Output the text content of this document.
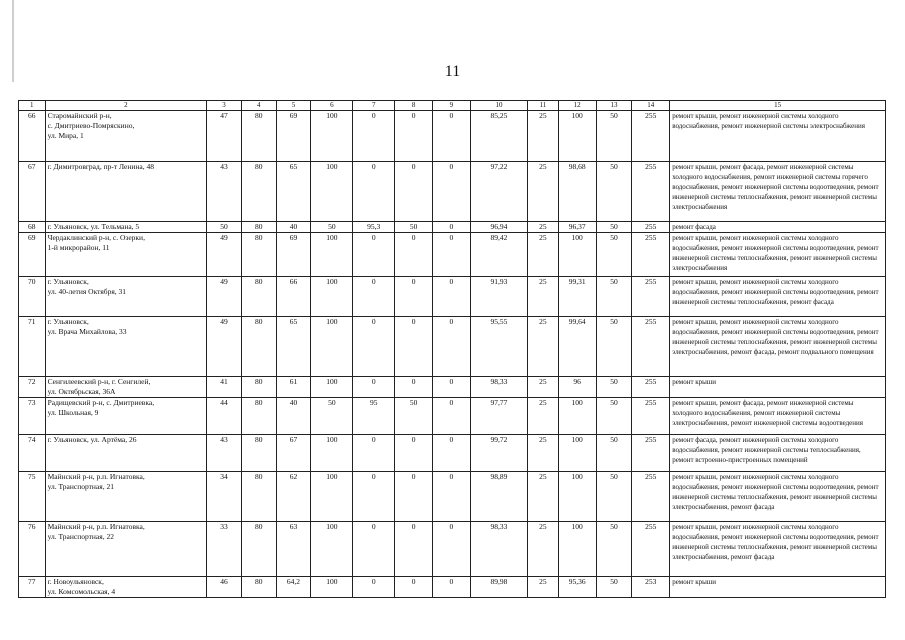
11
1	2	3	4	5	6	7	8	9	10	11	12	13	14	15
66	Старомайнский р-н,
с. Дмитриево-Помряскино,
ул. Мира, 1	47	80	69	100	0	0	0	85,25	25	100	50	255	ремонт крыши, ремонт инженерной системы холодного водоснабжения, ремонт инженерной системы электроснабжения
67	г. Димитровград, пр-т Ленина, 48	43	80	65	100	0	0	0	97,22	25	98,68	50	255	ремонт крыши, ремонт фасада, ремонт инженерной системы холодного водоснабжения, ремонт инженерной системы горячего водоснабжения, ремонт инженерной системы водоотведения, ремонт инженерной системы теплоснабжения, ремонт инженерной системы электроснабжения
68	г. Ульяновск, ул. Тельмана, 5	50	80	40	50	95,3	50	0	96,94	25	96,37	50	255	ремонт фасада
69	Чердаклинский р-н, с. Озерки,
1-й микрорайон, 11	49	80	69	100	0	0	0	89,42	25	100	50	255	ремонт крыши, ремонт инженерной системы холодного водоснабжения, ремонт инженерной системы водоотведения, ремонт инженерной системы теплоснабжения, ремонт инженерной системы электроснабжения
70	г. Ульяновск,
ул. 40-летия Октября, 31	49	80	66	100	0	0	0	91,93	25	99,31	50	255	ремонт крыши, ремонт инженерной системы холодного водоснабжения, ремонт инженерной системы водоотведения, ремонт инженерной системы теплоснабжения, ремонт фасада
71	г. Ульяновск,
ул. Врача Михайлова, 33	49	80	65	100	0	0	0	95,55	25	99,64	50	255	ремонт крыши, ремонт инженерной системы холодного водоснабжения, ремонт инженерной системы водоотведения, ремонт инженерной системы теплоснабжения, ремонт инженерной системы электроснабжения, ремонт фасада, ремонт подвального помещения
72	Сенгилеевский р-н, г. Сенгилей,
ул. Октябрьская, 36А	41	80	61	100	0	0	0	98,33	25	96	50	255	ремонт крыши
73	Радищевский р-н, с. Дмитриевка,
ул. Школьная, 9	44	80	40	50	95	50	0	97,77	25	100	50	255	ремонт крыши, ремонт фасада, ремонт инженерной системы холодного водоснабжения, ремонт инженерной системы электроснабжения, ремонт инженерной системы водоотведения
74	г. Ульяновск, ул. Артёма, 26	43	80	67	100	0	0	0	99,72	25	100	50	255	ремонт фасада, ремонт инженерной системы холодного водоснабжения, ремонт инженерной системы теплоснабжения, ремонт встроенно-пристроенных помещений
75	Майнский р-н, р.п. Игнатовка,
ул. Транспортная, 21	34	80	62	100	0	0	0	98,89	25	100	50	255	ремонт крыши, ремонт инженерной системы холодного водоснабжения, ремонт инженерной системы водоотведения, ремонт инженерной системы теплоснабжения, ремонт инженерной системы электроснабжения, ремонт фасада
76	Майнский р-н, р.п. Игнатовка,
ул. Транспортная, 22	33	80	63	100	0	0	0	98,33	25	100	50	255	ремонт крыши, ремонт инженерной системы холодного водоснабжения, ремонт инженерной системы водоотведения, ремонт инженерной системы теплоснабжения, ремонт инженерной системы электроснабжения, ремонт фасада
77	г. Новоульяновск,
ул. Комсомольская, 4	46	80	64,2	100	0	0	0	89,98	25	95,36	50	253	ремонт крыши
